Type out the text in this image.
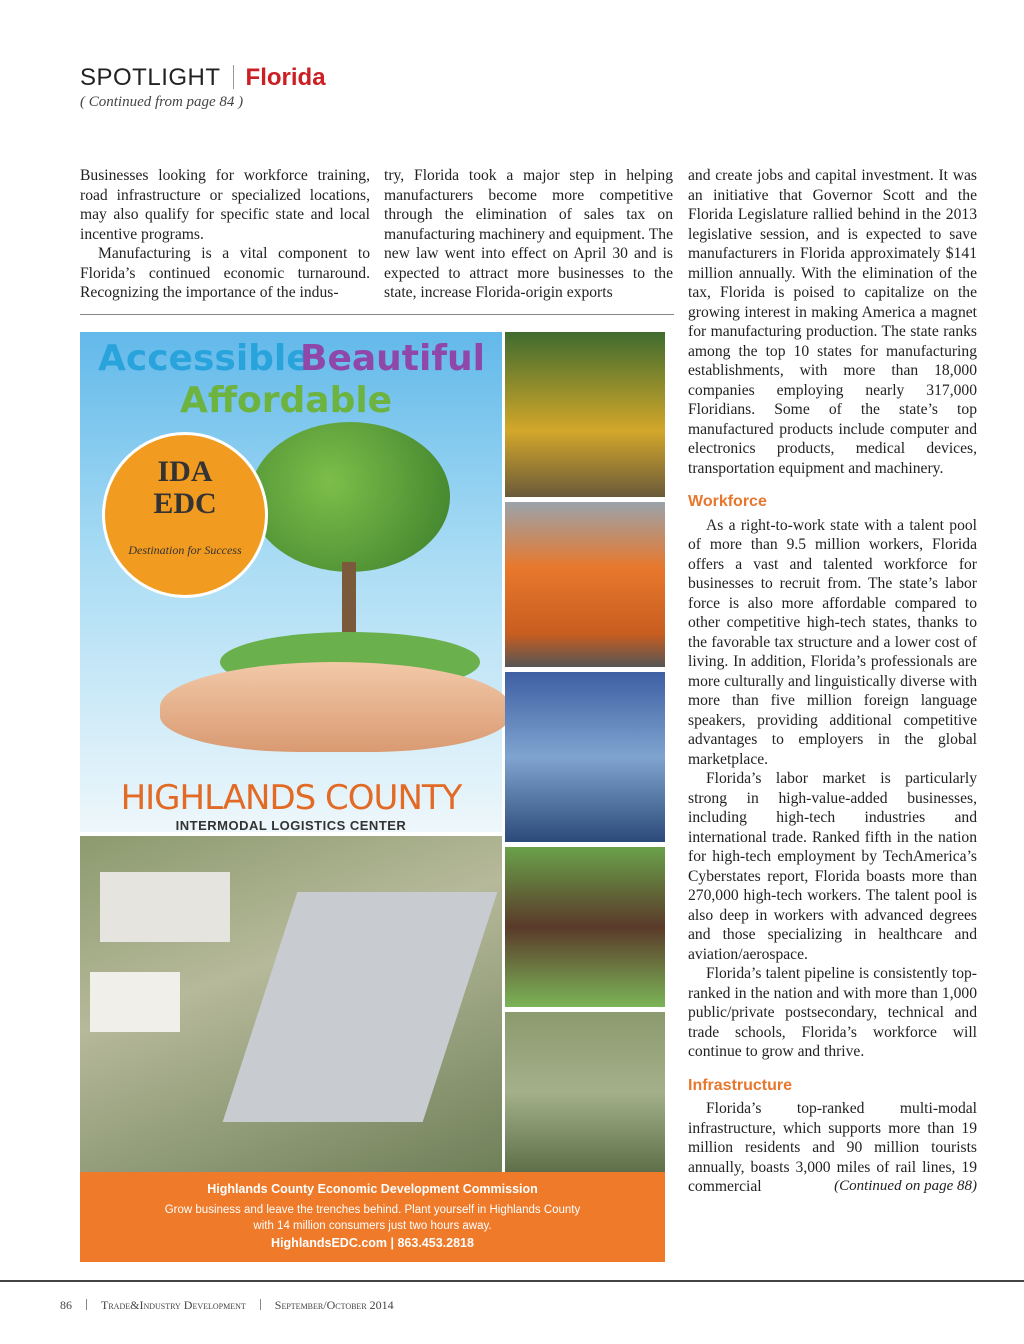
SPOTLIGHT Florida
( Continued from page 84 )

Businesses looking for workforce training, road infrastructure or specialized locations, may also qualify for specific state and local incentive programs.

Manufacturing is a vital component to Florida’s continued economic turnaround. Recognizing the importance of the indus-

try, Florida took a major step in helping manufacturers become more competitive through the elimination of sales tax on manufacturing machinery and equipment. The new law went into effect on April 30 and is expected to attract more businesses to the state, increase Florida-origin exports

and create jobs and capital investment. It was an initiative that Governor Scott and the Florida Legislature rallied behind in the 2013 legislative session, and is expected to save manufacturers in Florida approximately $141 million annually. With the elimination of the tax, Florida is poised to capitalize on the growing interest in making America a magnet for manufacturing production. The state ranks among the top 10 states for manufacturing establishments, with more than 18,000 companies employing nearly 317,000 Floridians. Some of the state’s top manufactured products include computer and electronics products, medical devices, transportation equipment and machinery.

Workforce

As a right-to-work state with a talent pool of more than 9.5 million workers, Florida offers a vast and talented workforce for businesses to recruit from. The state’s labor force is also more affordable compared to other competitive high-tech states, thanks to the favorable tax structure and a lower cost of living. In addition, Florida’s professionals are more culturally and linguistically diverse with more than five million foreign language speakers, providing additional competitive advantages to employers in the global marketplace.

Florida’s labor market is particularly strong in high-value-added businesses, including high-tech industries and international trade. Ranked fifth in the nation for high-tech employment by TechAmerica’s Cyberstates report, Florida boasts more than 270,000 high-tech workers. The talent pool is also deep in workers with advanced degrees and those specializing in healthcare and aviation/aerospace.

Florida’s talent pipeline is consistently top-ranked in the nation and with more than 1,000 public/private postsecondary, technical and trade schools, Florida’s workforce will continue to grow and thrive.

Infrastructure

Florida’s top-ranked multi-modal infrastructure, which supports more than 19 million residents and 90 million tourists annually, boasts 3,000 miles of rail lines, 19 commercial	(Continued on page 88)

Accessible
Beautiful
Affordable
IDA
EDC
Destination for Success
HIGHLANDS COUNTY
INTERMODAL LOGISTICS CENTER
Highlands County Economic Development Commission
Grow business and leave the trenches behind. Plant yourself in Highlands County
with 14 million consumers just two hours away.
HighlandsEDC.com | 863.453.2818
86 Trade&Industry Development September/October 2014
